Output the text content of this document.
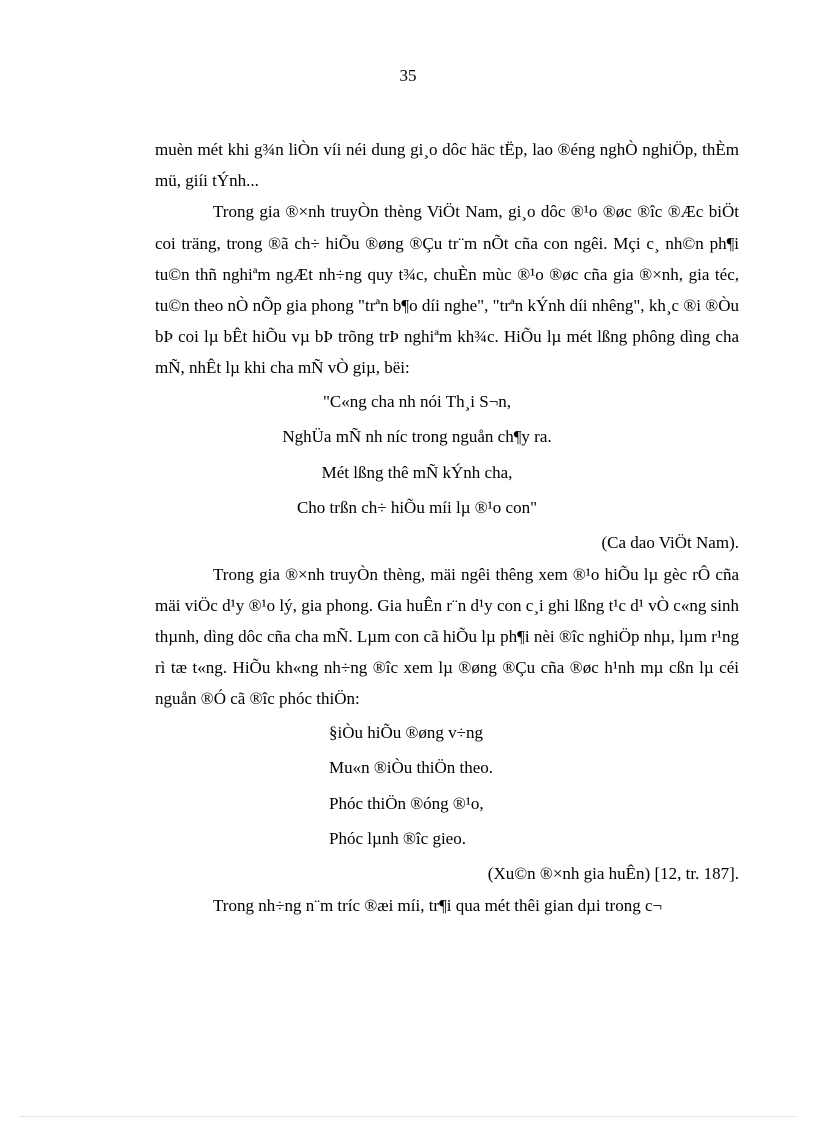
35

muèn mét khi g¾n liÒn víi néi dung gi¸o dôc häc tËp, lao ®éng nghÒ nghiÖp, thÈm mü, giíi tÝnh...

Trong gia ®×nh truyÒn thèng ViÖt Nam, gi¸o dôc ®¹o ®øc ®îc ®Æc biÖt coi träng, trong ®ã ch÷ hiÕu ®øng ®Çu tr¨m nÕt cña con ngêi. Mçi c¸ nh©n ph¶i tu©n thñ nghiªm ngÆt nh÷ng quy t¾c, chuÈn mùc ®¹o ®øc cña gia ®×nh, gia téc, tu©n theo nÒ nÕp gia phong "trªn b¶o díi nghe", "trªn kÝnh díi nhêng", kh¸c ®i ®Òu bÞ coi lµ bÊt hiÕu vµ bÞ trõng trÞ nghiªm kh¾c. HiÕu lµ mét lßng phông dìng cha mÑ, nhÊt lµ khi cha mÑ vÒ giµ, bëi:

"C«ng cha nh nói Th¸i S¬n,
NghÜa mÑ nh níc trong nguån ch¶y ra.
Mét lßng thê mÑ kÝnh cha,
Cho trßn ch÷ hiÕu míi lµ ®¹o con"
(Ca dao ViÖt Nam).

Trong gia ®×nh truyÒn thèng, mäi ngêi thêng xem ®¹o hiÕu lµ gèc rÔ cña mäi viÖc d¹y ®¹o lý, gia phong. Gia huÊn r¨n d¹y con c¸i ghi lßng t¹c d¹ vÒ c«ng sinh thµnh, dìng dôc cña cha mÑ. Lµm con cã hiÕu lµ ph¶i nèi ®îc nghiÖp nhµ, lµm r¹ng rì tæ t«ng. HiÕu kh«ng nh÷ng ®îc xem lµ ®øng ®Çu cña ®øc h¹nh mµ cßn lµ céi nguån ®Ó cã ®îc phóc thiÖn:

§iÒu hiÕu ®øng v÷ng
Mu«n ®iÒu thiÖn theo.
Phóc thiÖn ®óng ®¹o,
Phóc lµnh ®îc gieo.
(Xu©n ®×nh gia huÊn) [12, tr. 187].

Trong nh÷ng n¨m tríc ®æi míi, tr¶i qua mét thêi gian dµi trong c¬
